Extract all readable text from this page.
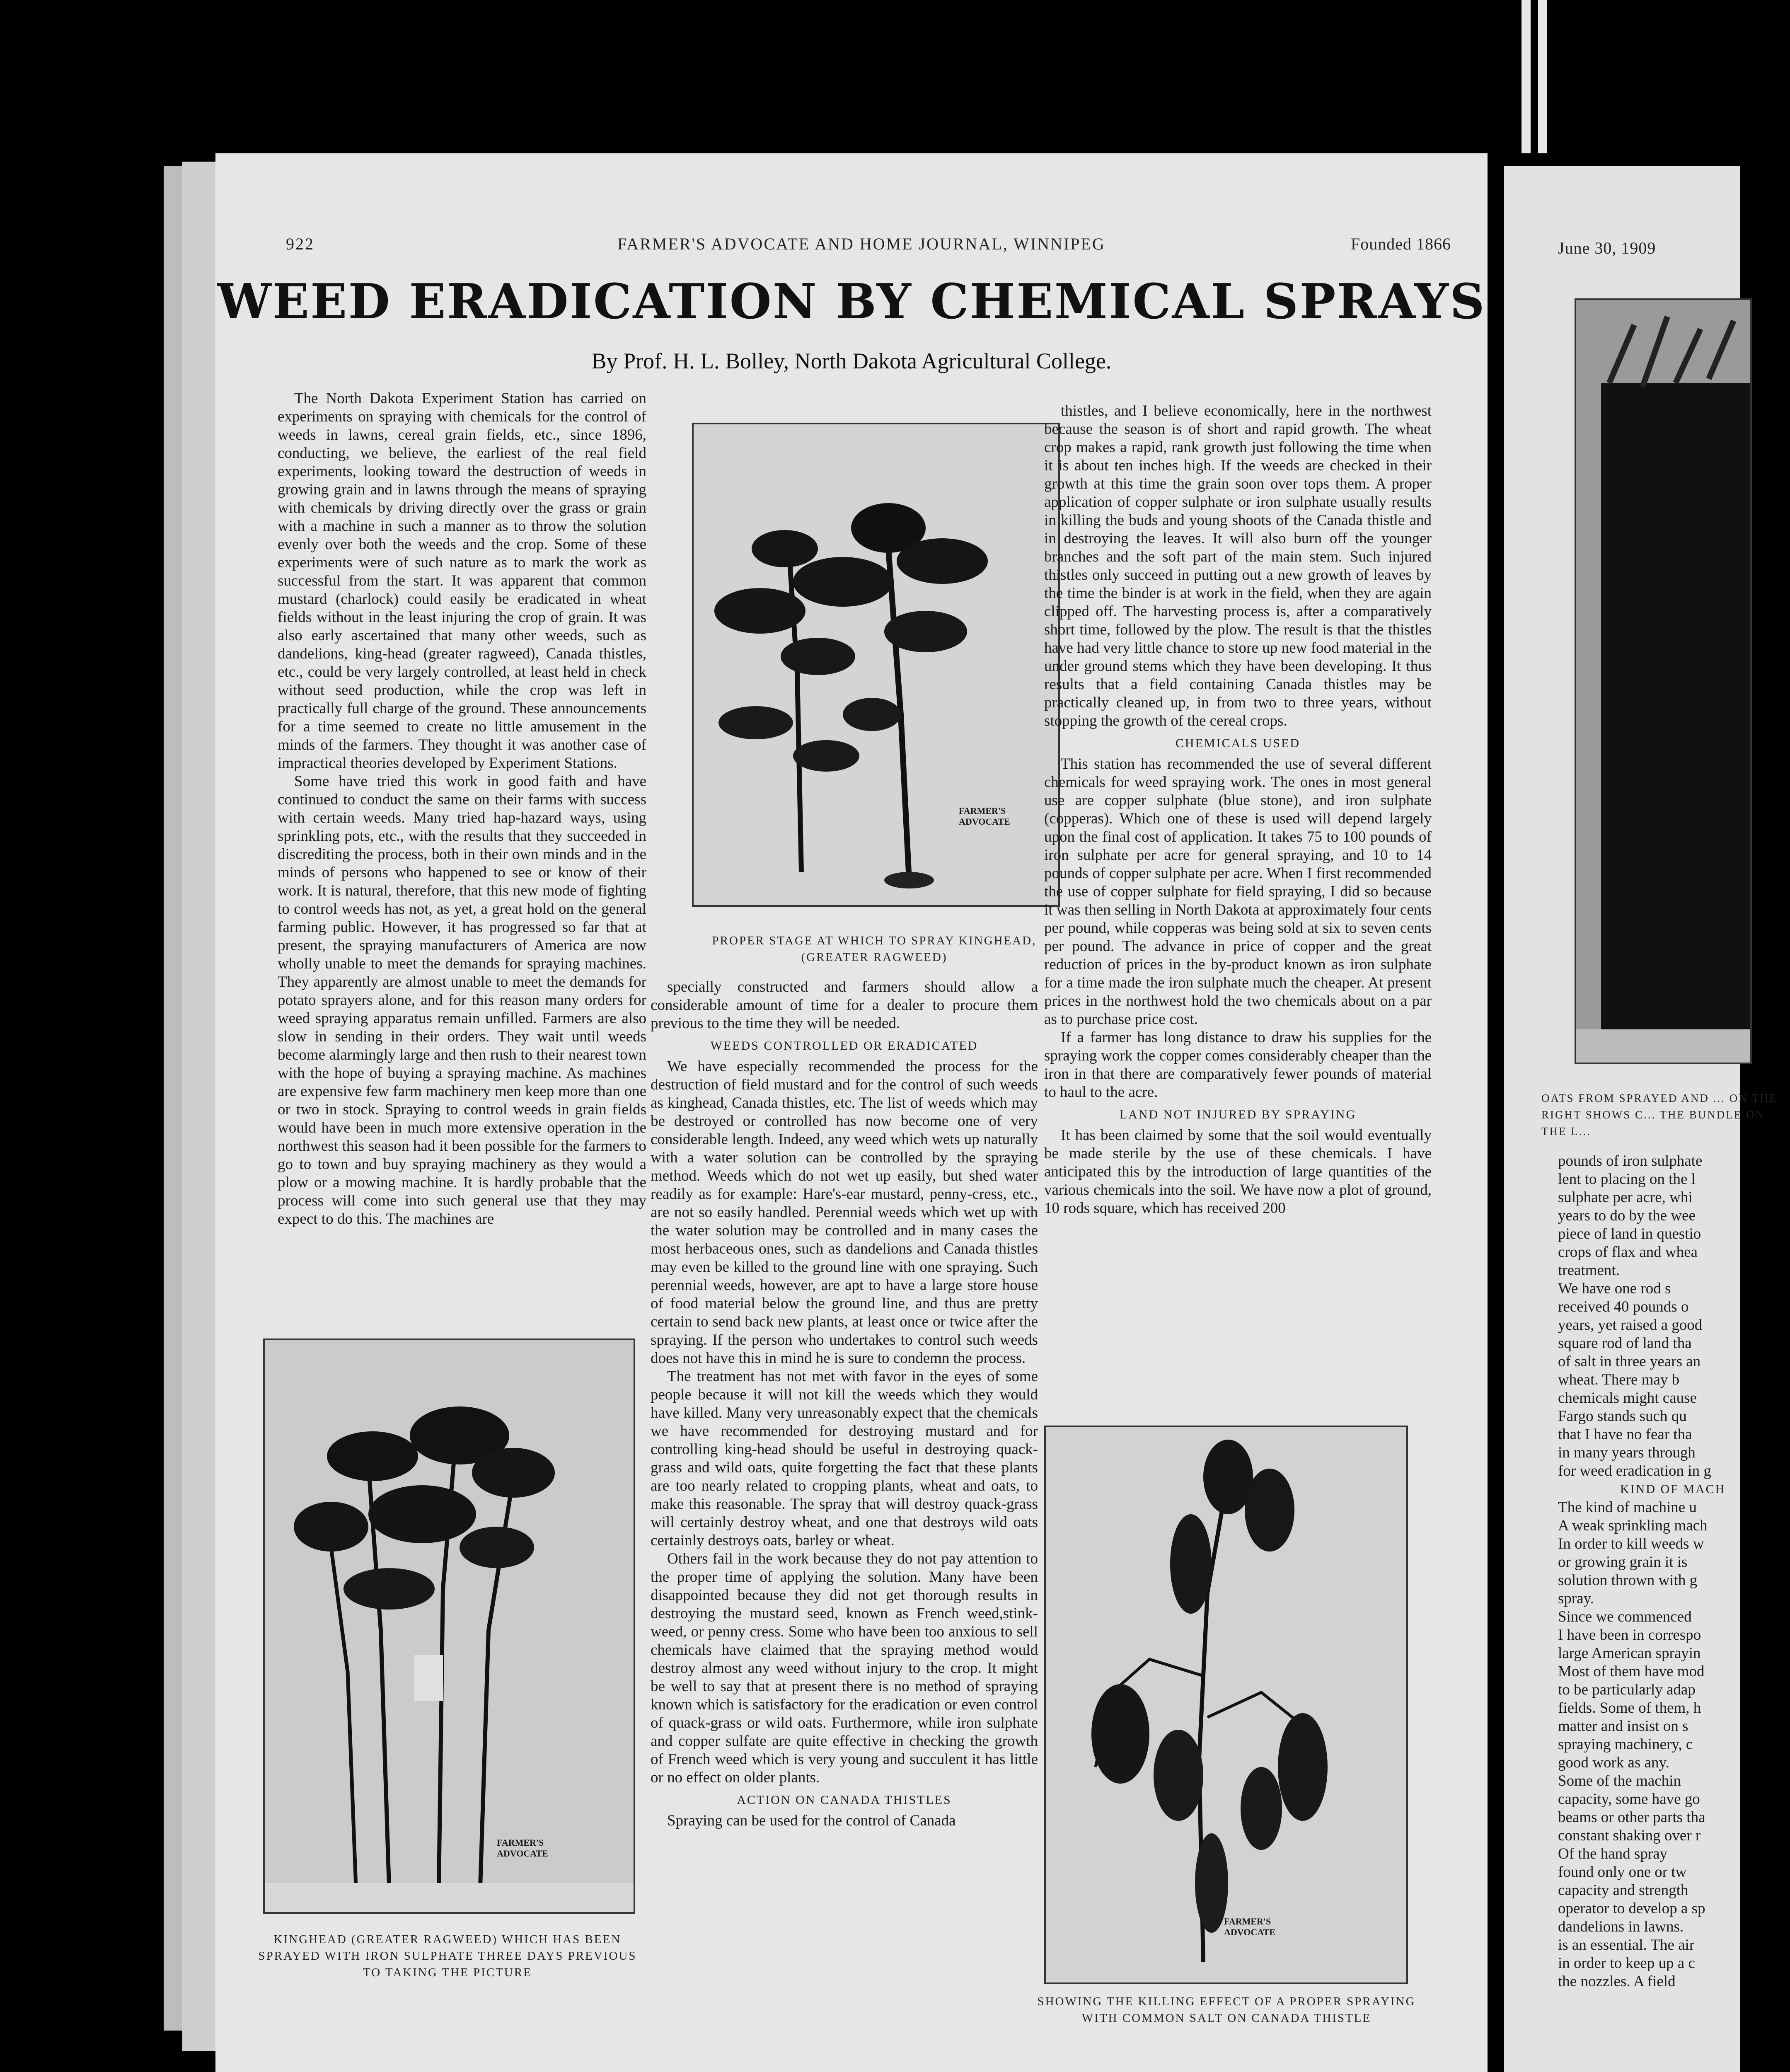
922	FARMER'S ADVOCATE AND HOME JOURNAL, WINNIPEG	Founded 1866
WEED ERADICATION BY CHEMICAL SPRAYS
By Prof. H. L. Bolley, North Dakota Agricultural College.

The North Dakota Experiment Station has carried on experiments on spraying with chemicals for the control of weeds in lawns, cereal grain fields, etc., since 1896, conducting, we believe, the earliest of the real field experiments, looking toward the destruction of weeds in growing grain and in lawns through the means of spraying with chemicals by driving directly over the grass or grain with a machine in such a manner as to throw the solution evenly over both the weeds and the crop. Some of these experiments were of such nature as to mark the work as successful from the start. It was apparent that common mustard (charlock) could easily be eradicated in wheat fields without in the least injuring the crop of grain. It was also early ascertained that many other weeds, such as dandelions, king-head (greater ragweed), Canada thistles, etc., could be very largely controlled, at least held in check without seed production, while the crop was left in practically full charge of the ground. These announcements for a time seemed to create no little amusement in the minds of the farmers. They thought it was another case of impractical theories developed by Experiment Stations.

Some have tried this work in good faith and have continued to conduct the same on their farms with success with certain weeds. Many tried hap-hazard ways, using sprinkling pots, etc., with the results that they succeeded in discrediting the process, both in their own minds and in the minds of persons who happened to see or know of their work. It is natural, therefore, that this new mode of fighting to control weeds has not, as yet, a great hold on the general farming public. However, it has progressed so far that at present, the spraying manufacturers of America are now wholly unable to meet the demands for spraying machines. They apparently are almost unable to meet the demands for potato sprayers alone, and for this reason many orders for weed spraying apparatus remain unfilled. Farmers are also slow in sending in their orders. They wait until weeds become alarmingly large and then rush to their nearest town with the hope of buying a spraying machine. As machines are expensive few farm machinery men keep more than one or two in stock. Spraying to control weeds in grain fields would have been in much more extensive operation in the northwest this season had it been possible for the farmers to go to town and buy spraying machinery as they would a plow or a mowing machine. It is hardly probable that the process will come into such general use that they may expect to do this. The machines are

FARMER'S ADVOCATE
PROPER STAGE AT WHICH TO SPRAY KINGHEAD, (GREATER RAGWEED)

specially constructed and farmers should allow a considerable amount of time for a dealer to procure them previous to the time they will be needed.

WEEDS CONTROLLED OR ERADICATED

We have especially recommended the process for the destruction of field mustard and for the control of such weeds as kinghead, Canada thistles, etc. The list of weeds which may be destroyed or controlled has now become one of very considerable length. Indeed, any weed which wets up naturally with a water solution can be controlled by the spraying method. Weeds which do not wet up easily, but shed water readily as for example: Hare's-ear mustard, penny-cress, etc., are not so easily handled. Perennial weeds which wet up with the water solution may be controlled and in many cases the most herbaceous ones, such as dandelions and Canada thistles may even be killed to the ground line with one spraying. Such perennial weeds, however, are apt to have a large store house of food material below the ground line, and thus are pretty certain to send back new plants, at least once or twice after the spraying. If the person who undertakes to control such weeds does not have this in mind he is sure to condemn the process.

The treatment has not met with favor in the eyes of some people because it will not kill the weeds which they would have killed. Many very unreasonably expect that the chemicals we have recommended for destroying mustard and for controlling king-head should be useful in destroying quack-grass and wild oats, quite forgetting the fact that these plants are too nearly related to cropping plants, wheat and oats, to make this reasonable. The spray that will destroy quack-grass will certainly destroy wheat, and one that destroys wild oats certainly destroys oats, barley or wheat.

Others fail in the work because they do not pay attention to the proper time of applying the solution. Many have been disappointed because they did not get thorough results in destroying the mustard seed, known as French weed,stink-weed, or penny cress. Some who have been too anxious to sell chemicals have claimed that the spraying method would destroy almost any weed without injury to the crop. It might be well to say that at present there is no method of spraying known which is satisfactory for the eradication or even control of quack-grass or wild oats. Furthermore, while iron sulphate and copper sulfate are quite effective in checking the growth of French weed which is very young and succulent it has little or no effect on older plants.

ACTION ON CANADA THISTLES

Spraying can be used for the control of Canada

thistles, and I believe economically, here in the northwest because the season is of short and rapid growth. The wheat crop makes a rapid, rank growth just following the time when it is about ten inches high. If the weeds are checked in their growth at this time the grain soon over tops them. A proper application of copper sulphate or iron sulphate usually results in killing the buds and young shoots of the Canada thistle and in destroying the leaves. It will also burn off the younger branches and the soft part of the main stem. Such injured thistles only succeed in putting out a new growth of leaves by the time the binder is at work in the field, when they are again clipped off. The harvesting process is, after a comparatively short time, followed by the plow. The result is that the thistles have had very little chance to store up new food material in the under ground stems which they have been developing. It thus results that a field containing Canada thistles may be practically cleaned up, in from two to three years, without stopping the growth of the cereal crops.

CHEMICALS USED

This station has recommended the use of several different chemicals for weed spraying work. The ones in most general use are copper sulphate (blue stone), and iron sulphate (copperas). Which one of these is used will depend largely upon the final cost of application. It takes 75 to 100 pounds of iron sulphate per acre for general spraying, and 10 to 14 pounds of copper sulphate per acre. When I first recommended the use of copper sulphate for field spraying, I did so because it was then selling in North Dakota at approximately four cents per pound, while copperas was being sold at six to seven cents per pound. The advance in price of copper and the great reduction of prices in the by-product known as iron sulphate for a time made the iron sulphate much the cheaper. At present prices in the northwest hold the two chemicals about on a par as to purchase price cost.

If a farmer has long distance to draw his supplies for the spraying work the copper comes considerably cheaper than the iron in that there are comparatively fewer pounds of material to haul to the acre.

LAND NOT INJURED BY SPRAYING

It has been claimed by some that the soil would eventually be made sterile by the use of these chemicals. I have anticipated this by the introduction of large quantities of the various chemicals into the soil. We have now a plot of ground, 10 rods square, which has received 200

FARMER'S ADVOCATE
KINGHEAD (GREATER RAGWEED) WHICH HAS BEEN SPRAYED WITH IRON SULPHATE THREE DAYS PREVIOUS TO TAKING THE PICTURE
FARMER'S ADVOCATE
SHOWING THE KILLING EFFECT OF A PROPER SPRAYING WITH COMMON SALT ON CANADA THISTLE
June 30, 1909
OATS FROM SPRAYED AND ... ON THE RIGHT SHOWS C... THE BUNDLE ON THE L...

pounds of iron sulphate

lent to placing on the l

sulphate per acre, whi

years to do by the wee

piece of land in questio

crops of flax and whea

treatment.

We have one rod s

received 40 pounds o

years, yet raised a good

square rod of land tha

of salt in three years an

wheat. There may b

chemicals might cause

Fargo stands such qu

that I have no fear tha

in many years through

for weed eradication in g

KIND OF MACH

The kind of machine u

A weak sprinkling mach

In order to kill weeds w

or growing grain it is

solution thrown with g

spray.

Since we commenced

I have been in correspo

large American sprayin

Most of them have mod

to be particularly adap

fields. Some of them, h

matter and insist on s

spraying machinery, c

good work as any.

Some of the machin

capacity, some have go

beams or other parts tha

constant shaking over r

Of the hand spray

found only one or tw

capacity and strength

operator to develop a sp

dandelions in lawns.

is an essential. The air

in order to keep up a c

the nozzles. A field
